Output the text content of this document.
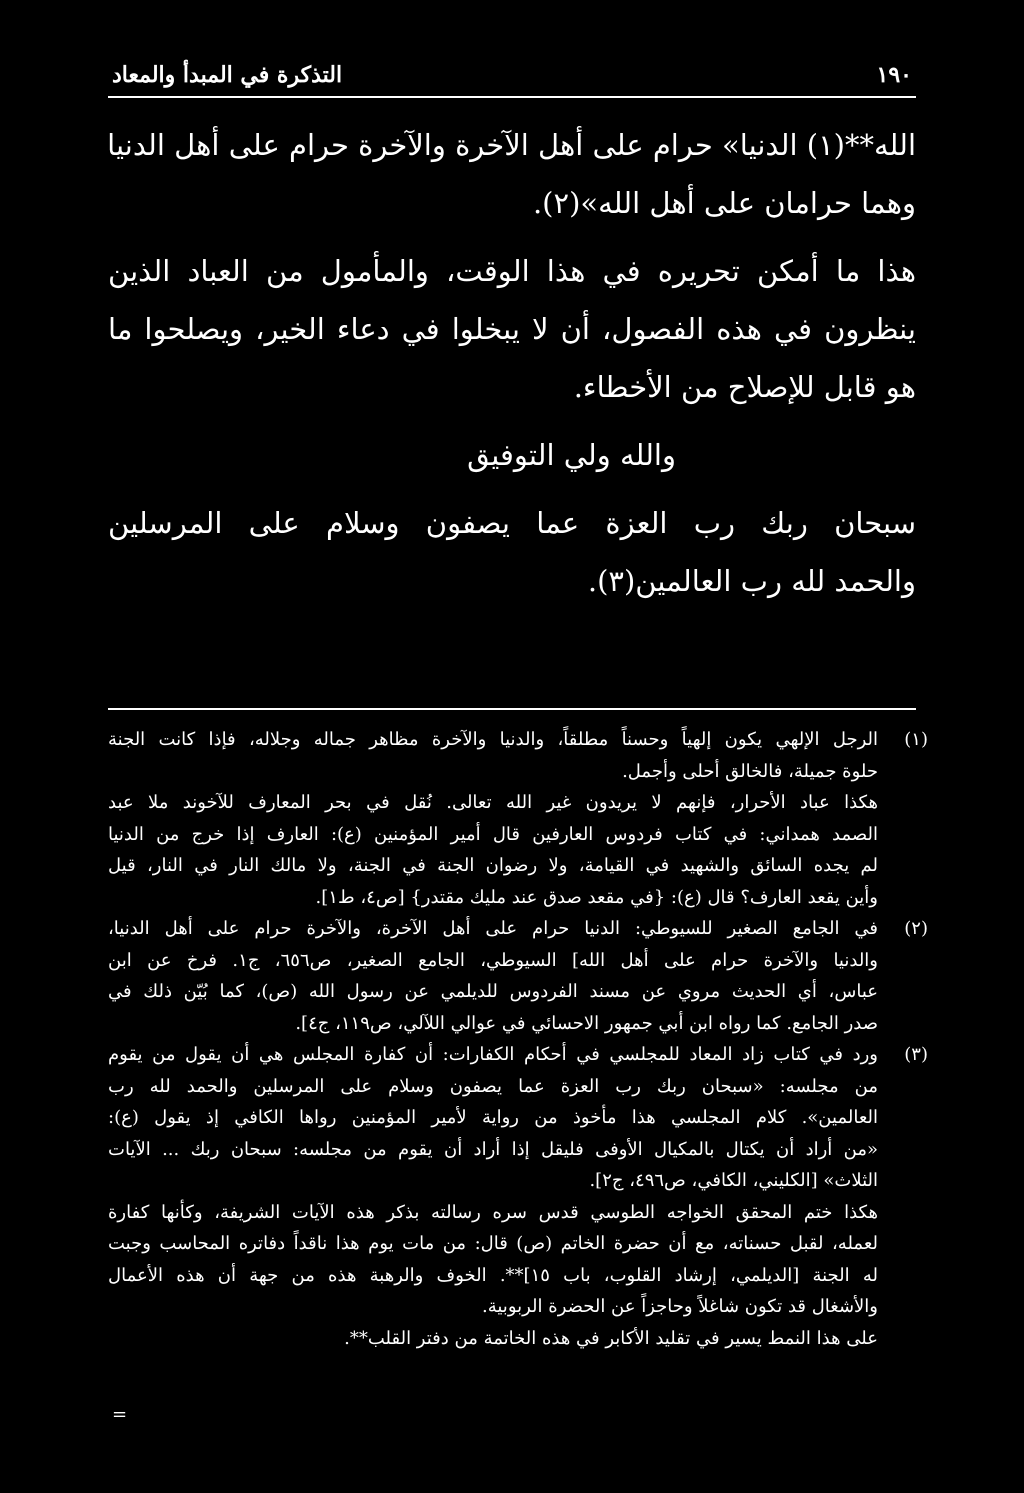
١٩٠
التذكرة في المبدأ والمعاد
الله**(١) الدنيا» حرام على أهل الآخرة والآخرة حرام على أهل الدنيا
وهما حرامان على أهل الله»(٢).
هذا ما أمكن تحريره في هذا الوقت، والمأمول من العباد الذين
ينظرون في هذه الفصول، أن لا يبخلوا في دعاء الخير، ويصلحوا ما
هو قابل للإصلاح من الأخطاء.
والله ولي التوفيق
سبحان ربك رب العزة عما يصفون وسلام على المرسلين
والحمد لله رب العالمين(٣).
(١)الرجل الإلهي يكون إلهياً وحسناً مطلقاً، والدنيا والآخرة مظاهر جماله وجلاله، فإذا كانت الجنة
حلوة جميلة، فالخالق أحلى وأجمل.
هكذا عباد الأحرار، فإنهم لا يريدون غير الله تعالى. نُقل في بحر المعارف للآخوند ملا عبد
الصمد همداني: في كتاب فردوس العارفين قال أمير المؤمنين (ع): العارف إذا خرج من الدنيا
لم يجده السائق والشهيد في القيامة، ولا رضوان الجنة في الجنة، ولا مالك النار في النار، قيل
وأين يقعد العارف؟ قال (ع): {في مقعد صدق عند مليك مقتدر} [ص٤، ط١].
(٢)في الجامع الصغير للسيوطي: الدنيا حرام على أهل الآخرة، والآخرة حرام على أهل الدنيا،
والدنيا والآخرة حرام على أهل الله] السيوطي، الجامع الصغير، ص٦٥٦، ج١. فرخ عن ابن
عباس، أي الحديث مروي عن مسند الفردوس للديلمي عن رسول الله (ص)، كما بُيّن ذلك في
صدر الجامع. كما رواه ابن أبي جمهور الاحسائي في عوالي اللآلي، ص١١٩، ج٤].
(٣)ورد في كتاب زاد المعاد للمجلسي في أحكام الكفارات: أن كفارة المجلس هي أن يقول من يقوم
من مجلسه: «سبحان ربك رب العزة عما يصفون وسلام على المرسلين والحمد لله رب
العالمين». كلام المجلسي هذا مأخوذ من رواية لأمير المؤمنين رواها الكافي إذ يقول (ع):
«من أراد أن يكتال بالمكيال الأوفى فليقل إذا أراد أن يقوم من مجلسه: سبحان ربك ... الآيات
الثلاث» [الكليني، الكافي، ص٤٩٦، ج٢].
هكذا ختم المحقق الخواجه الطوسي قدس سره رسالته بذكر هذه الآيات الشريفة، وكأنها كفارة
لعمله، لقبل حسناته، مع أن حضرة الخاتم (ص) قال: من مات يوم هذا ناقداً دفاتره المحاسب وجبت
له الجنة [الديلمي، إرشاد القلوب، باب ١٥]**. الخوف والرهبة هذه من جهة أن هذه الأعمال
والأشغال قد تكون شاغلاً وحاجزاً عن الحضرة الربوبية.
على هذا النمط يسير في تقليد الأكابر في هذه الخاتمة من دفتر القلب**.
=
